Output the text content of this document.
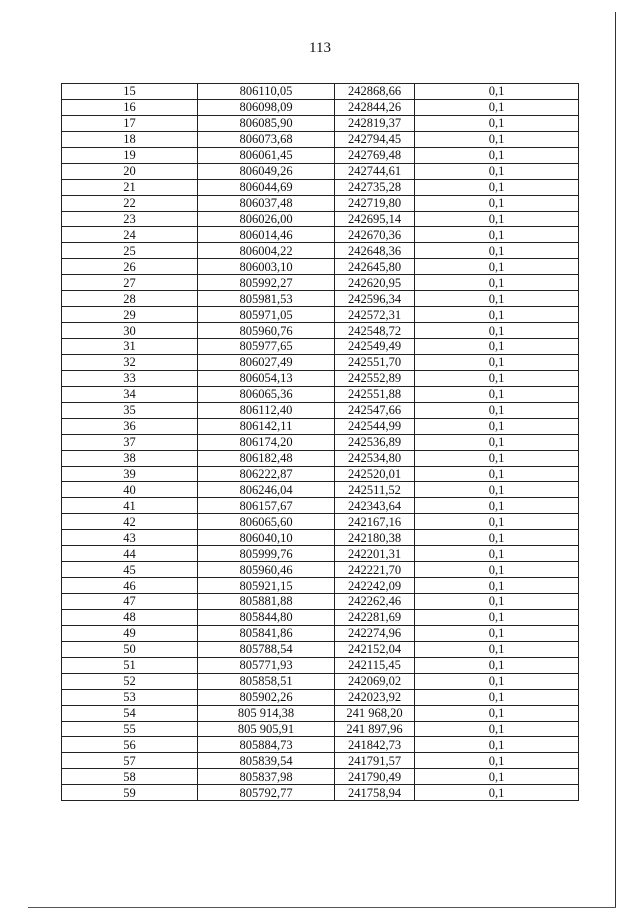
113
15	806110,05	242868,66	0,1
16	806098,09	242844,26	0,1
17	806085,90	242819,37	0,1
18	806073,68	242794,45	0,1
19	806061,45	242769,48	0,1
20	806049,26	242744,61	0,1
21	806044,69	242735,28	0,1
22	806037,48	242719,80	0,1
23	806026,00	242695,14	0,1
24	806014,46	242670,36	0,1
25	806004,22	242648,36	0,1
26	806003,10	242645,80	0,1
27	805992,27	242620,95	0,1
28	805981,53	242596,34	0,1
29	805971,05	242572,31	0,1
30	805960,76	242548,72	0,1
31	805977,65	242549,49	0,1
32	806027,49	242551,70	0,1
33	806054,13	242552,89	0,1
34	806065,36	242551,88	0,1
35	806112,40	242547,66	0,1
36	806142,11	242544,99	0,1
37	806174,20	242536,89	0,1
38	806182,48	242534,80	0,1
39	806222,87	242520,01	0,1
40	806246,04	242511,52	0,1
41	806157,67	242343,64	0,1
42	806065,60	242167,16	0,1
43	806040,10	242180,38	0,1
44	805999,76	242201,31	0,1
45	805960,46	242221,70	0,1
46	805921,15	242242,09	0,1
47	805881,88	242262,46	0,1
48	805844,80	242281,69	0,1
49	805841,86	242274,96	0,1
50	805788,54	242152,04	0,1
51	805771,93	242115,45	0,1
52	805858,51	242069,02	0,1
53	805902,26	242023,92	0,1
54	805 914,38	241 968,20	0,1
55	805 905,91	241 897,96	0,1
56	805884,73	241842,73	0,1
57	805839,54	241791,57	0,1
58	805837,98	241790,49	0,1
59	805792,77	241758,94	0,1
